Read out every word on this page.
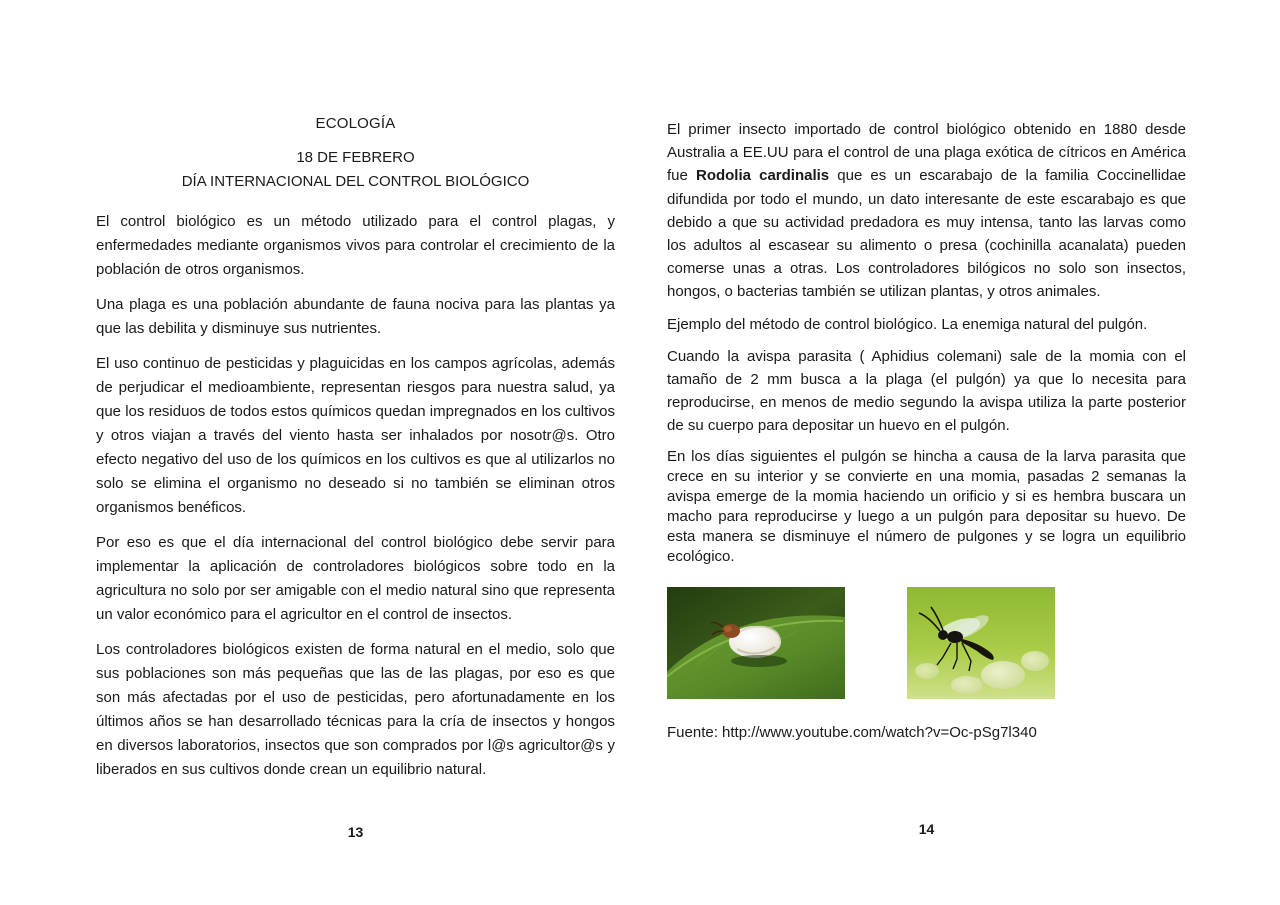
ECOLOGÍA
18 DE FEBRERO
DÍA INTERNACIONAL DEL CONTROL BIOLÓGICO

El control biológico es un método utilizado para el control plagas, y enfermedades mediante organismos vivos para controlar el crecimiento de la población de otros organismos.

Una plaga es una población abundante de fauna nociva para las plantas ya que las debilita y disminuye sus nutrientes.

El uso continuo de pesticidas y plaguicidas en los campos agrícolas, además de perjudicar el medioambiente, representan riesgos para nuestra salud, ya que los residuos de todos estos químicos quedan impregnados en los cultivos y otros viajan a través del viento hasta ser inhalados por nosotr@s. Otro efecto negativo del uso de los químicos en los cultivos es que al utilizarlos no solo se elimina el organismo no deseado si no también se eliminan otros organismos benéficos.

Por eso es que el día internacional del control biológico debe servir para implementar la aplicación de controladores biológicos sobre todo en la agricultura no solo por ser amigable con el medio natural sino que representa un valor económico para el agricultor en el control de insectos.

Los controladores biológicos existen de forma natural en el medio, solo que sus poblaciones son más pequeñas que las de las plagas, por eso es que son más afectadas por el uso de pesticidas, pero afortunadamente en los últimos años se han desarrollado técnicas para la cría de insectos y hongos en diversos laboratorios, insectos que son comprados por l@s agricultor@s y liberados en sus cultivos donde crean un equilibrio natural.

El primer insecto importado de control biológico obtenido en 1880 desde Australia a EE.UU para el control de una plaga exótica de cítricos en América fue Rodolia cardinalis que es un escarabajo de la familia Coccinellidae difundida por todo el mundo, un dato interesante de este escarabajo es que debido a que su actividad predadora es muy intensa, tanto las larvas como los adultos al escasear su alimento o presa (cochinilla acanalata) pueden comerse unas a otras. Los controladores bilógicos no solo son insectos, hongos, o bacterias también se utilizan plantas, y otros animales.

Ejemplo del método de control biológico. La enemiga natural del pulgón.

Cuando la avispa parasita ( Aphidius colemani) sale de la momia con el tamaño de 2 mm busca a la plaga (el pulgón) ya que lo necesita para reproducirse, en menos de medio segundo la avispa utiliza la parte posterior de su cuerpo para depositar un huevo en el pulgón.

En los días siguientes el pulgón se hincha a causa de la larva parasita que crece en su interior y se convierte en una momia, pasadas 2 semanas la avispa emerge de la momia haciendo un orificio y si es hembra buscara un macho para reproducirse y luego a un pulgón para depositar su huevo. De esta manera se disminuye el número de pulgones y se logra un equilibrio ecológico.

Fuente: http://www.youtube.com/watch?v=Oc-pSg7l340
13	14
